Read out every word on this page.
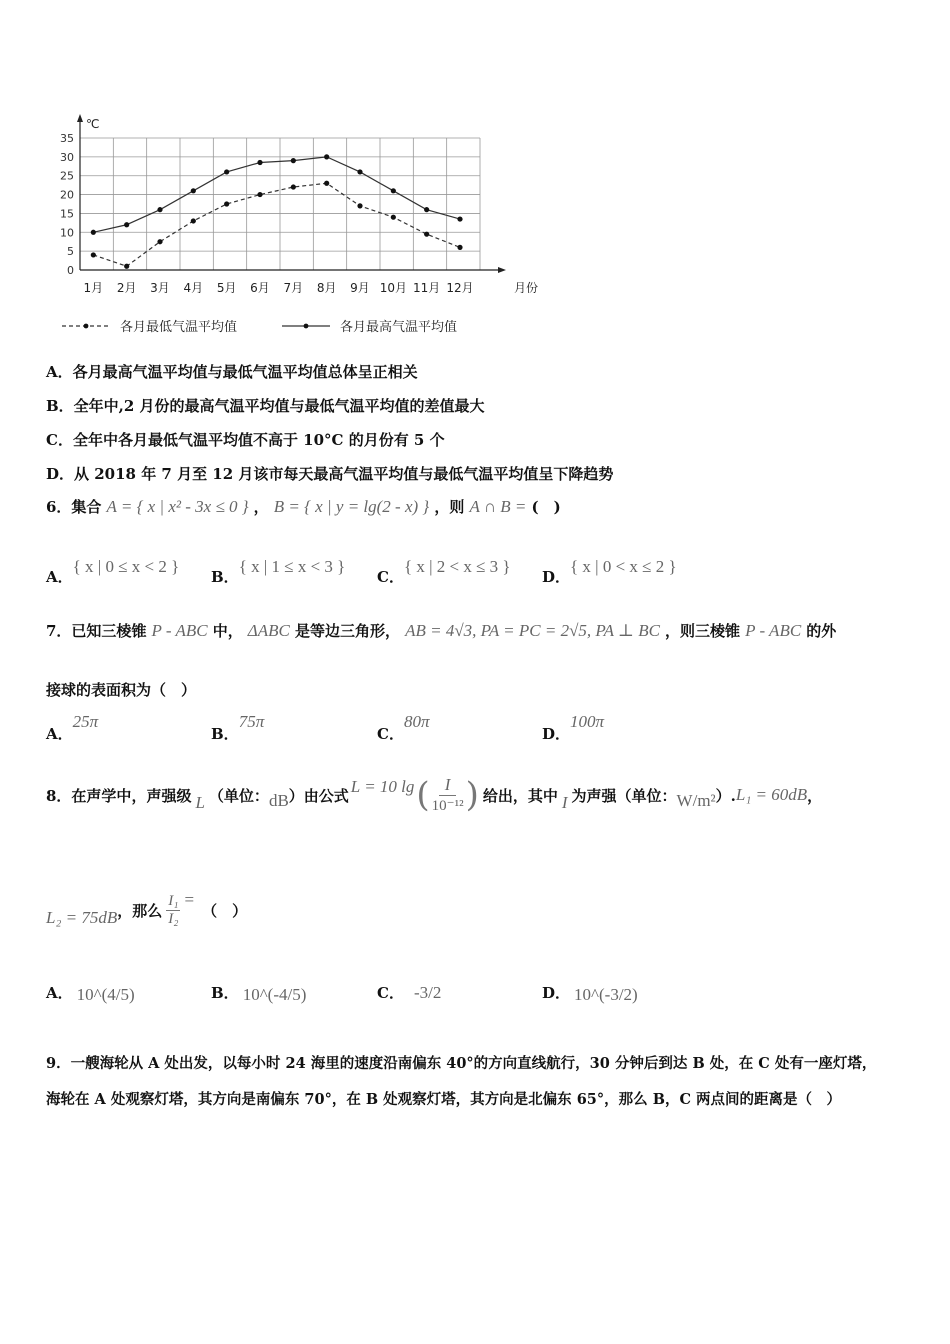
0
5
10
15
20
25
30
35
℃
1月 2月 3月 4月 5月 6月 7月 8月 9月 10月 11月 12月	月份
各月最低气温平均值	各月最高气温平均值
A．各月最高气温平均值与最低气温平均值总体呈正相关
B．全年中,2 月份的最高气温平均值与最低气温平均值的差值最大
C．全年中各月最低气温平均值不高于 10°C 的月份有 5 个
D．从 2018 年 7 月至 12 月该市每天最高气温平均值与最低气温平均值呈下降趋势
6．集合 A = { x | x² - 3x ≤ 0 } ， B = { x | y = lg(2 - x) } ，则 A ∩ B = (　)
A．{ x | 0 ≤ x < 2 }
B．{ x | 1 ≤ x < 3 }
C．{ x | 2 < x ≤ 3 }
D．{ x | 0 < x ≤ 2 }
7．已知三棱锥 P - ABC 中， ΔABC 是等边三角形， AB = 4√3, PA = PC = 2√5, PA ⊥ BC ，则三棱锥 P - ABC 的外
接球的表面积为（　）
A．25π
B．75π
C．80π
D．100π
8．在声学中，声强级 L （单位： dB ）由公式 L = 10 lg ( $\frac{I}{\text{10⁻¹²}}$ ) 给出，其中 I 为声强（单位： W/m² ）. L₁ = 60dB ，
L₂ = 75dB ，那么 $\frac{\text{I₁}}{\text{I₂}}$ =
（　）
A． 10^(4/5)	B． 10^(-4/5)	C． -3/2	D． 10^(-3/2)
9．一艘海轮从 A 处出发，以每小时 24 海里的速度沿南偏东 40°的方向直线航行，30 分钟后到达 B 处，在 C 处有一座灯塔，
海轮在 A 处观察灯塔，其方向是南偏东 70°，在 B 处观察灯塔，其方向是北偏东 65°，那么 B，C 两点间的距离是（　）
